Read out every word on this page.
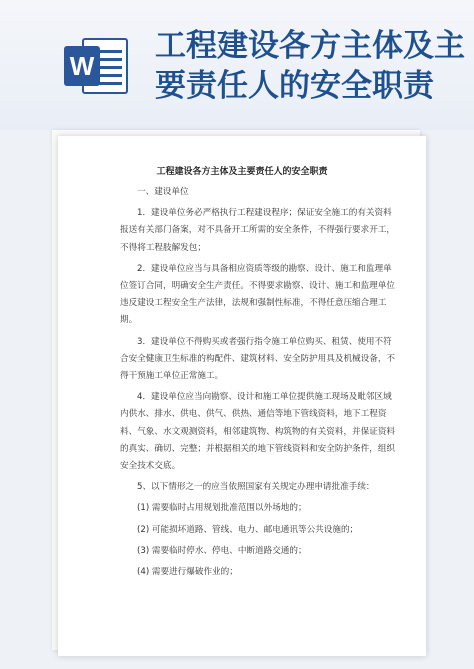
W
工程建设各方主体及主要责任人的安全职责
工程建设各方主体及主要责任人的安全职责

一、建设单位

1．建设单位务必严格执行工程建设程序；保证安全施工的有关资料报送有关部门备案，对不具备开工所需的安全条件，不得强行要求开工，不得将工程肢解发包；

2．建设单位应当与具备相应资质等级的勘察、设计、施工和监理单位签订合同，明确安全生产责任。不得要求勘察、设计、施工和监理单位违反建设工程安全生产法律，法规和强制性标准，不得任意压缩合理工期。

3．建设单位不得购买或者强行指令施工单位购买、租赁、使用不符合安全健康卫生标准的构配件、建筑材料、安全防护用具及机械设备，不得干预施工单位正常施工。

4．建设单位应当向勘察、设计和施工单位提供施工现场及毗邻区域内供水、排水、供电、供气、供热、通信等地下管线资料，地下工程资料、气象、水文观测资料，相邻建筑物、构筑物的有关资料，并保证资料的真实、确切、完整；并根据相关的地下管线资料和安全防护条件，组织安全技术交底。

5、以下情形之一的应当依照国家有关规定办理申请批准手续：

(1) 需要临时占用规划批准范围以外场地的；

(2) 可能损坏道路、管线、电力、邮电通讯等公共设施的；

(3) 需要临时停水、停电、中断道路交通的；

(4) 需要进行爆破作业的；
